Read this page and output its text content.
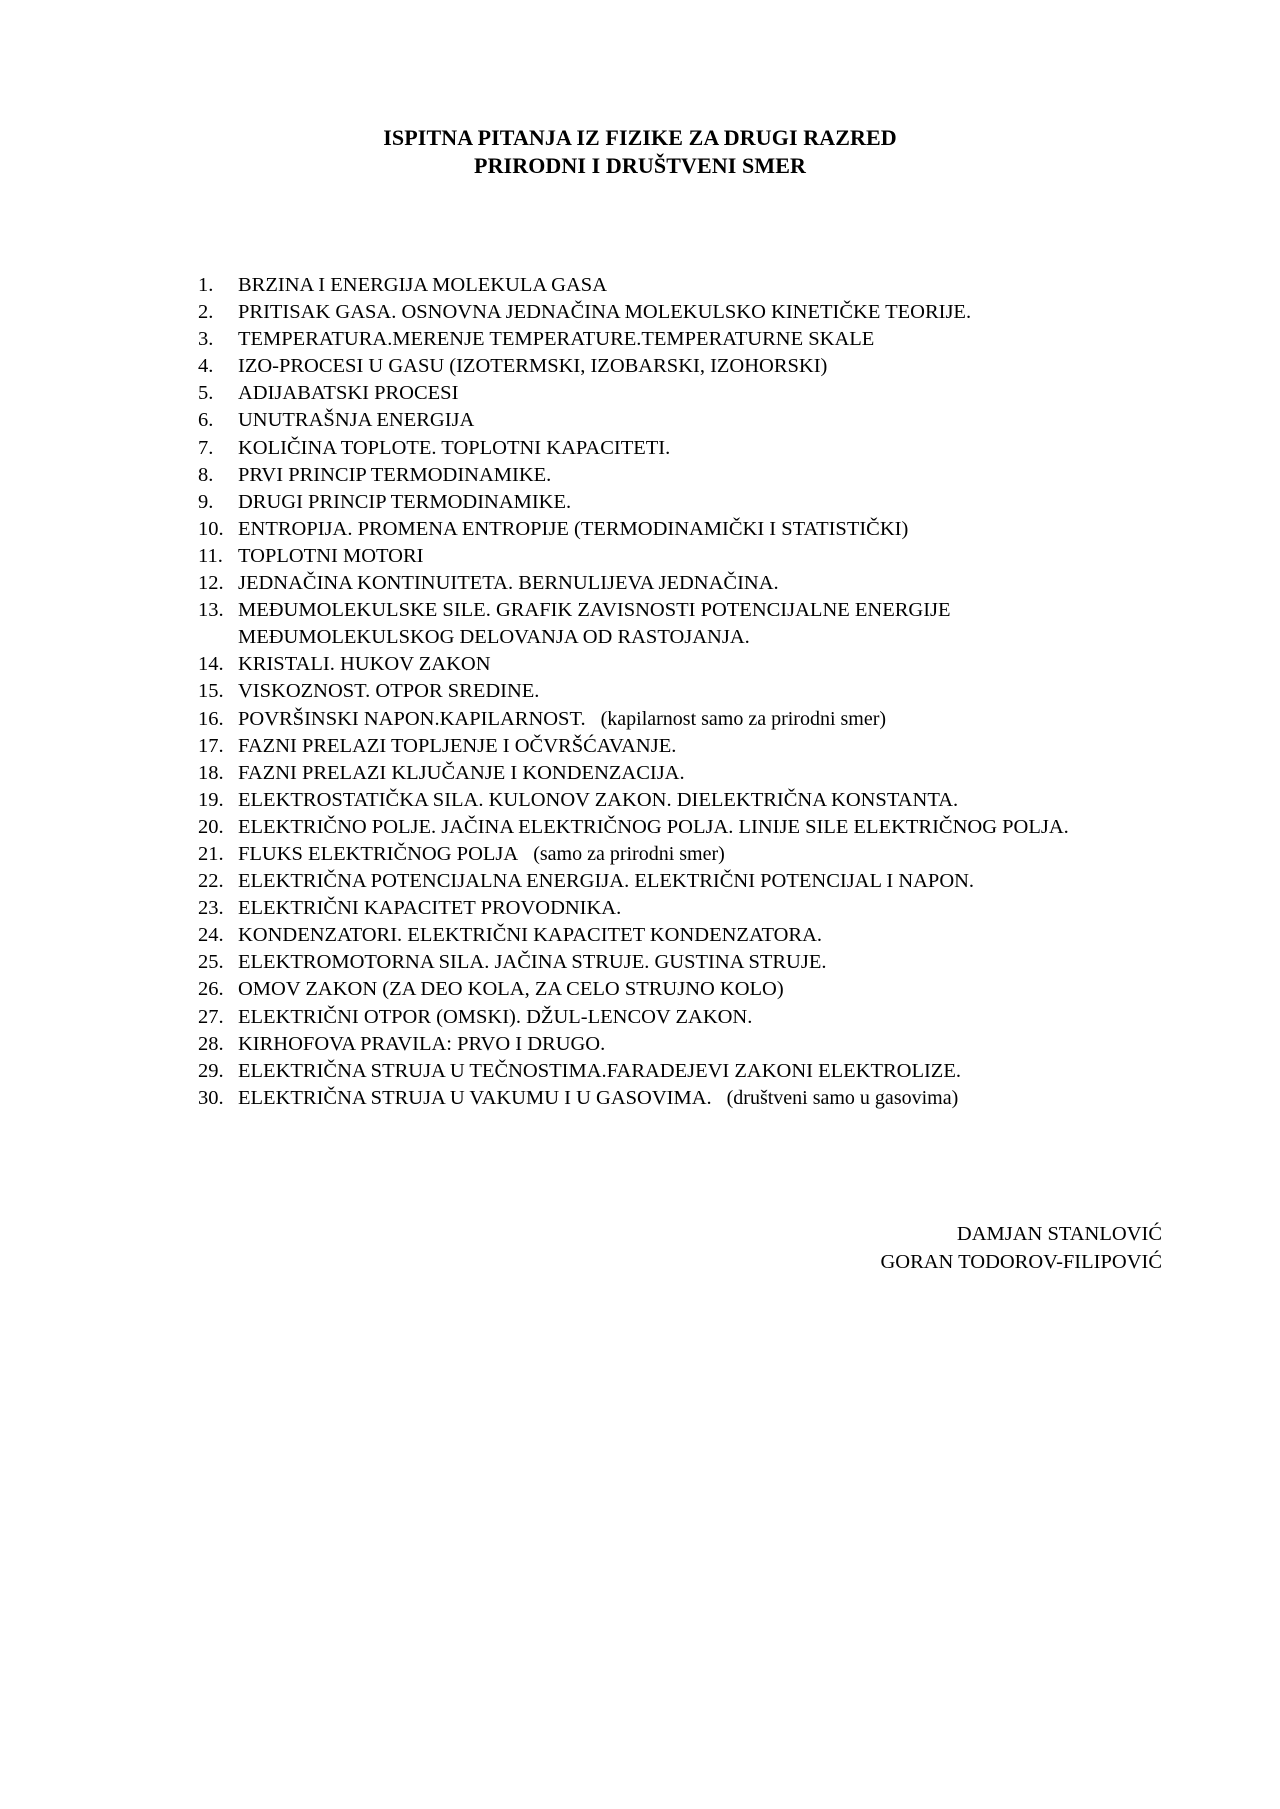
ISPITNA PITANJA IZ FIZIKE ZA DRUGI RAZRED
PRIRODNI I DRUŠTVENI SMER
1.	BRZINA I ENERGIJA MOLEKULA GASA
2.	PRITISAK GASA. OSNOVNA JEDNAČINA MOLEKULSKO KINETIČKE TEORIJE.
3.	TEMPERATURA.MERENJE TEMPERATURE.TEMPERATURNE SKALE
4.	IZO-PROCESI U GASU (IZOTERMSKI, IZOBARSKI, IZOHORSKI)
5.	ADIJABATSKI PROCESI
6.	UNUTRAŠNJA ENERGIJA
7.	KOLIČINA TOPLOTE. TOPLOTNI KAPACITETI.
8.	PRVI PRINCIP TERMODINAMIKE.
9.	DRUGI PRINCIP TERMODINAMIKE.
10. ENTROPIJA. PROMENA ENTROPIJE (TERMODINAMIČKI I STATISTIČKI)
11. TOPLOTNI MOTORI
12. JEDNAČINA KONTINUITETA. BERNULIJEVA JEDNAČINA.
13. MEĐUMOLEKULSKE SILE. GRAFIK ZAVISNOSTI POTENCIJALNE ENERGIJE MEĐUMOLEKULSKOG DELOVANJA OD RASTOJANJA.
14. KRISTALI. HUKOV ZAKON
15. VISKOZNOST. OTPOR SREDINE.
16. POVRŠINSKI NAPON.KAPILARNOST. (kapilarnost samo za prirodni smer)
17. FAZNI PRELAZI TOPLJENJE I OČVRŠĆAVANJE.
18. FAZNI PRELAZI KLJUČANJE I KONDENZACIJA.
19. ELEKTROSTATIČKA SILA. KULONOV ZAKON. DIELEKTRIČNA KONSTANTA.
20. ELEKTRIČNO POLJE. JAČINA ELEKTRIČNOG POLJA. LINIJE SILE ELEKTRIČNOG POLJA.
21. FLUKS ELEKTRIČNOG POLJA (samo za prirodni smer)
22. ELEKTRIČNA POTENCIJALNA ENERGIJA. ELEKTRIČNI POTENCIJAL I NAPON.
23. ELEKTRIČNI KAPACITET PROVODNIKA.
24. KONDENZATORI. ELEKTRIČNI KAPACITET KONDENZATORA.
25. ELEKTROMOTORNA SILA. JAČINA STRUJE. GUSTINA STRUJE.
26. OMOV ZAKON (ZA DEO KOLA, ZA CELO STRUJNO KOLO)
27. ELEKTRIČNI OTPOR (OMSKI). DŽUL-LENCOV ZAKON.
28. KIRHOFOVA PRAVILA: PRVO I DRUGO.
29. ELEKTRIČNA STRUJA U TEČNOSTIMA.FARADEJEVI ZAKONI ELEKTROLIZE.
30. ELEKTRIČNA STRUJA U VAKUMU I U GASOVIMA. (društveni samo u gasovima)
DAMJAN STANLOVIĆ
GORAN TODOROV-FILIPOVIĆ
